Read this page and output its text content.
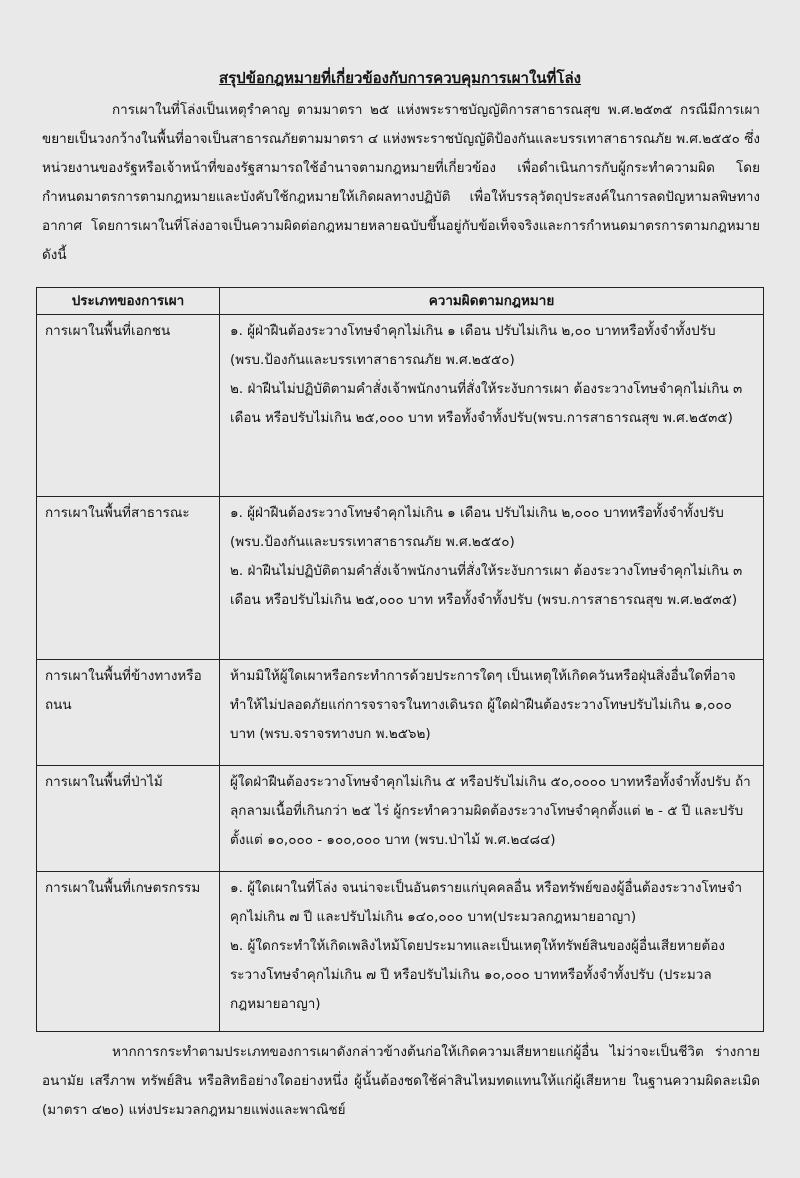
สรุปข้อกฎหมายที่เกี่ยวข้องกับการควบคุมการเผาในที่โล่ง
การเผาในที่โล่งเป็นเหตุรำคาญ ตามมาตรา ๒๕ แห่งพระราชบัญญัติการสาธารณสุข พ.ศ.๒๕๓๕ กรณีมีการเผาขยายเป็นวงกว้างในพื้นที่อาจเป็นสาธารณภัยตามมาตรา ๔ แห่งพระราชบัญญัติป้องกันและบรรเทาสาธารณภัย พ.ศ.๒๕๕๐ ซึ่งหน่วยงานของรัฐหรือเจ้าหน้าที่ของรัฐสามารถใช้อำนาจตามกฎหมายที่เกี่ยวข้อง เพื่อดำเนินการกับผู้กระทำความผิด โดยกำหนดมาตรการตามกฎหมายและบังคับใช้กฎหมายให้เกิดผลทางปฏิบัติ เพื่อให้บรรลุวัตถุประสงค์ในการลดปัญหามลพิษทางอากาศ โดยการเผาในที่โล่งอาจเป็นความผิดต่อกฎหมายหลายฉบับขึ้นอยู่กับข้อเท็จจริงและการกำหนดมาตรการตามกฎหมาย ดังนี้
ประเภทของการเผา	ความผิดตามกฎหมาย
การเผาในพื้นที่เอกชน	๑. ผู้ฝ่าฝืนต้องระวางโทษจำคุกไม่เกิน ๑ เดือน ปรับไม่เกิน ๒,๐๐ บาทหรือทั้งจำทั้งปรับ (พรบ.ป้องกันและบรรเทาสาธารณภัย พ.ศ.๒๕๕๐)
๒. ฝ่าฝืนไม่ปฏิบัติตามคำสั่งเจ้าพนักงานที่สั่งให้ระงับการเผา ต้องระวางโทษจำคุกไม่เกิน ๓ เดือน หรือปรับไม่เกิน ๒๕,๐๐๐ บาท หรือทั้งจำทั้งปรับ(พรบ.การสาธารณสุข พ.ศ.๒๕๓๕)

การเผาในพื้นที่สาธารณะ	๑. ผู้ฝ่าฝืนต้องระวางโทษจำคุกไม่เกิน ๑ เดือน ปรับไม่เกิน ๒,๐๐๐ บาทหรือทั้งจำทั้งปรับ (พรบ.ป้องกันและบรรเทาสาธารณภัย พ.ศ.๒๕๕๐)
๒. ฝ่าฝืนไม่ปฏิบัติตามคำสั่งเจ้าพนักงานที่สั่งให้ระงับการเผา ต้องระวางโทษจำคุกไม่เกิน ๓ เดือน หรือปรับไม่เกิน ๒๕,๐๐๐ บาท หรือทั้งจำทั้งปรับ (พรบ.การสาธารณสุข พ.ศ.๒๕๓๕)

การเผาในพื้นที่ข้างทางหรือถนน	ห้ามมิให้ผู้ใดเผาหรือกระทำการด้วยประการใดๆ เป็นเหตุให้เกิดควันหรือฝุ่นสิ่งอื่นใดที่อาจทำให้ไม่ปลอดภัยแก่การจราจรในทางเดินรถ ผู้ใดฝ่าฝืนต้องระวางโทษปรับไม่เกิน ๑,๐๐๐ บาท (พรบ.จราจรทางบก พ.๒๕๖๒)

การเผาในพื้นที่ป่าไม้	ผู้ใดฝ่าฝืนต้องระวางโทษจำคุกไม่เกิน ๕ หรือปรับไม่เกิน ๕๐,๐๐๐๐ บาทหรือทั้งจำทั้งปรับ ถ้าลุกลามเนื้อที่เกินกว่า ๒๕ ไร่ ผู้กระทำความผิดต้องระวางโทษจำคุกตั้งแต่ ๒ - ๕ ปี และปรับตั้งแต่ ๑๐,๐๐๐ - ๑๐๐,๐๐๐ บาท (พรบ.ป่าไม้ พ.ศ.๒๔๘๔)

การเผาในพื้นที่เกษตรกรรม	๑. ผู้ใดเผาในที่โล่ง จนน่าจะเป็นอันตรายแก่บุคคลอื่น หรือทรัพย์ของผู้อื่นต้องระวางโทษจำคุกไม่เกิน ๗ ปี และปรับไม่เกิน ๑๔๐,๐๐๐ บาท(ประมวลกฎหมายอาญา)
๒. ผู้ใดกระทำให้เกิดเพลิงไหม้โดยประมาทและเป็นเหตุให้ทรัพย์สินของผู้อื่นเสียหายต้องระวางโทษจำคุกไม่เกิน ๗ ปี หรือปรับไม่เกิน ๑๐,๐๐๐ บาทหรือทั้งจำทั้งปรับ (ประมวลกฎหมายอาญา)
หากการกระทำตามประเภทของการเผาดังกล่าวข้างต้นก่อให้เกิดความเสียหายแก่ผู้อื่น ไม่ว่าจะเป็นชีวิต ร่างกาย อนามัย เสรีภาพ ทรัพย์สิน หรือสิทธิอย่างใดอย่างหนึ่ง ผู้นั้นต้องชดใช้ค่าสินไหมทดแทนให้แก่ผู้เสียหาย ในฐานความผิดละเมิด (มาตรา ๔๒๐) แห่งประมวลกฎหมายแพ่งและพาณิชย์
